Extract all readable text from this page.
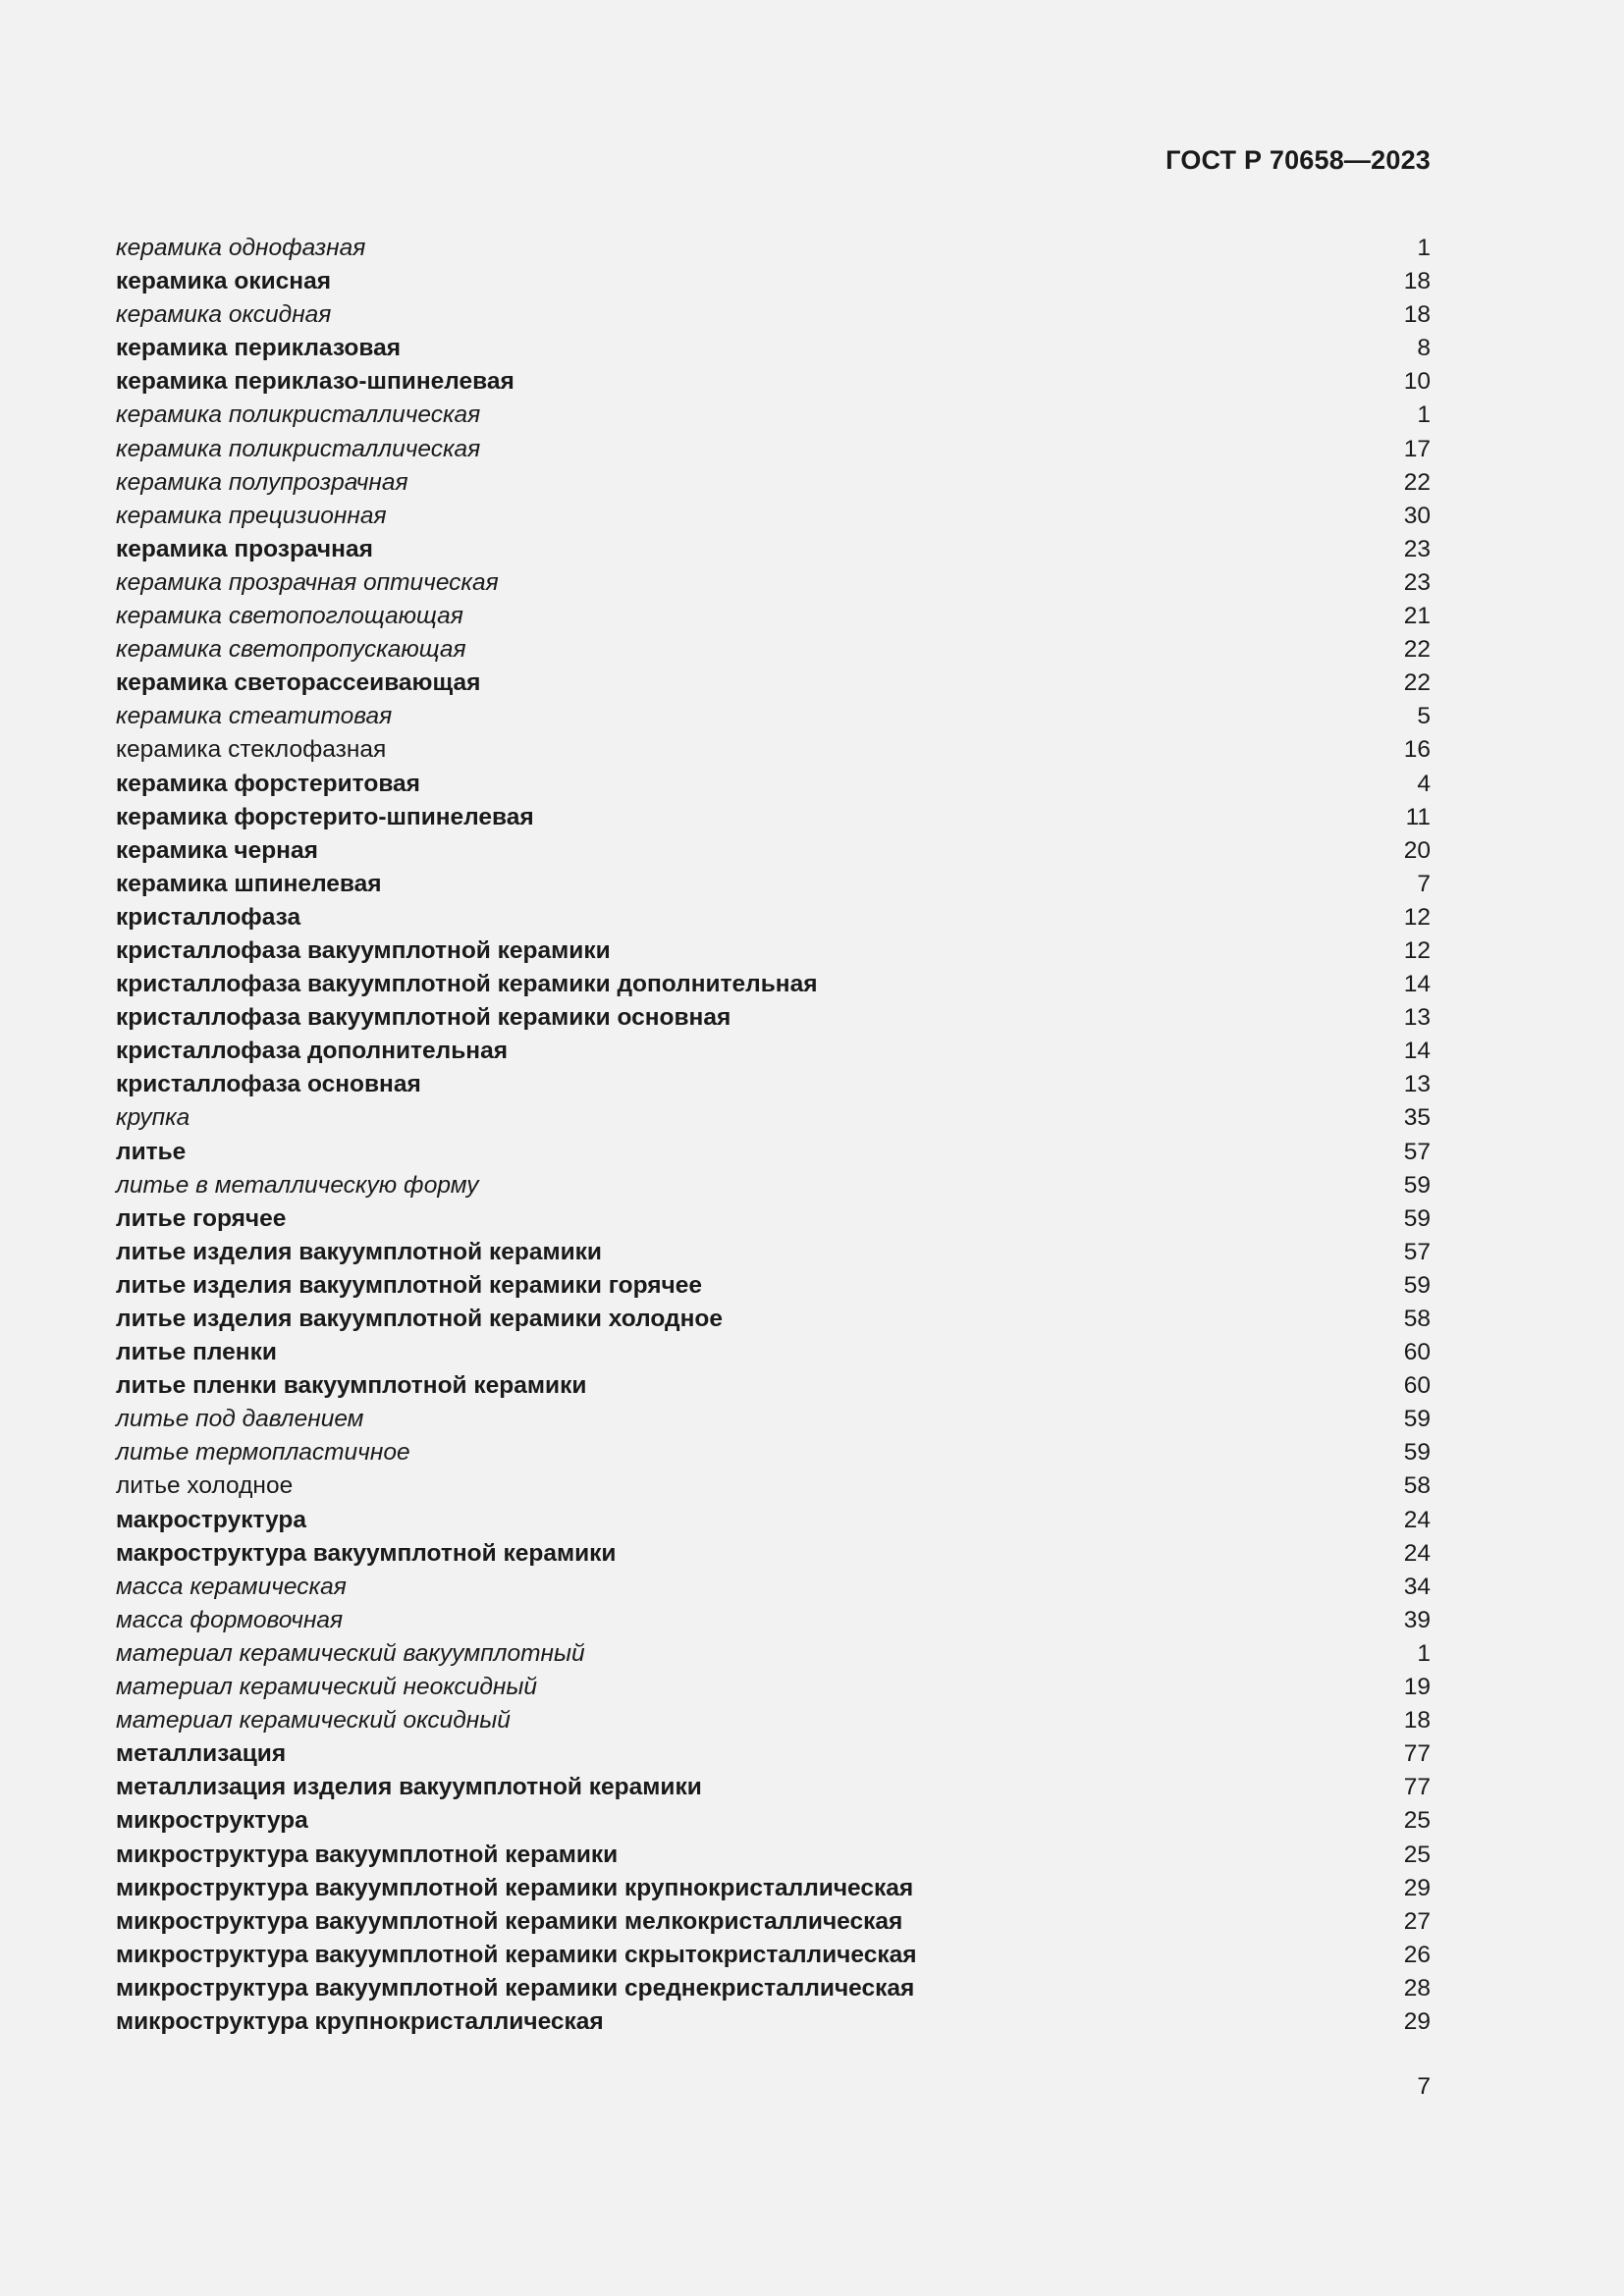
ГОСТ Р 70658—2023
керамика однофазная	1
керамика окисная	18
керамика оксидная	18
керамика периклазовая	8
керамика периклазо-шпинелевая	10
керамика поликристаллическая	1
керамика поликристаллическая	17
керамика полупрозрачная	22
керамика прецизионная	30
керамика прозрачная	23
керамика прозрачная оптическая	23
керамика светопоглощающая	21
керамика светопропускающая	22
керамика светорассеивающая	22
керамика стеатитовая	5
керамика стеклофазная	16
керамика форстеритовая	4
керамика форстерито-шпинелевая	11
керамика черная	20
керамика шпинелевая	7
кристаллофаза	12
кристаллофаза вакуумплотной керамики	12
кристаллофаза вакуумплотной керамики дополнительная	14
кристаллофаза вакуумплотной керамики основная	13
кристаллофаза дополнительная	14
кристаллофаза основная	13
крупка	35
литье	57
литье в металлическую форму	59
литье горячее	59
литье изделия вакуумплотной керамики	57
литье изделия вакуумплотной керамики горячее	59
литье изделия вакуумплотной керамики холодное	58
литье пленки	60
литье пленки вакуумплотной керамики	60
литье под давлением	59
литье термопластичное	59
литье холодное	58
макроструктура	24
макроструктура вакуумплотной керамики	24
масса керамическая	34
масса формовочная	39
материал керамический вакуумплотный	1
материал керамический неоксидный	19
материал керамический оксидный	18
металлизация	77
металлизация изделия вакуумплотной керамики	77
микроструктура	25
микроструктура вакуумплотной керамики	25
микроструктура вакуумплотной керамики крупнокристаллическая	29
микроструктура вакуумплотной керамики мелкокристаллическая	27
микроструктура вакуумплотной керамики скрытокристаллическая	26
микроструктура вакуумплотной керамики среднекристаллическая	28
микроструктура крупнокристаллическая	29
7
